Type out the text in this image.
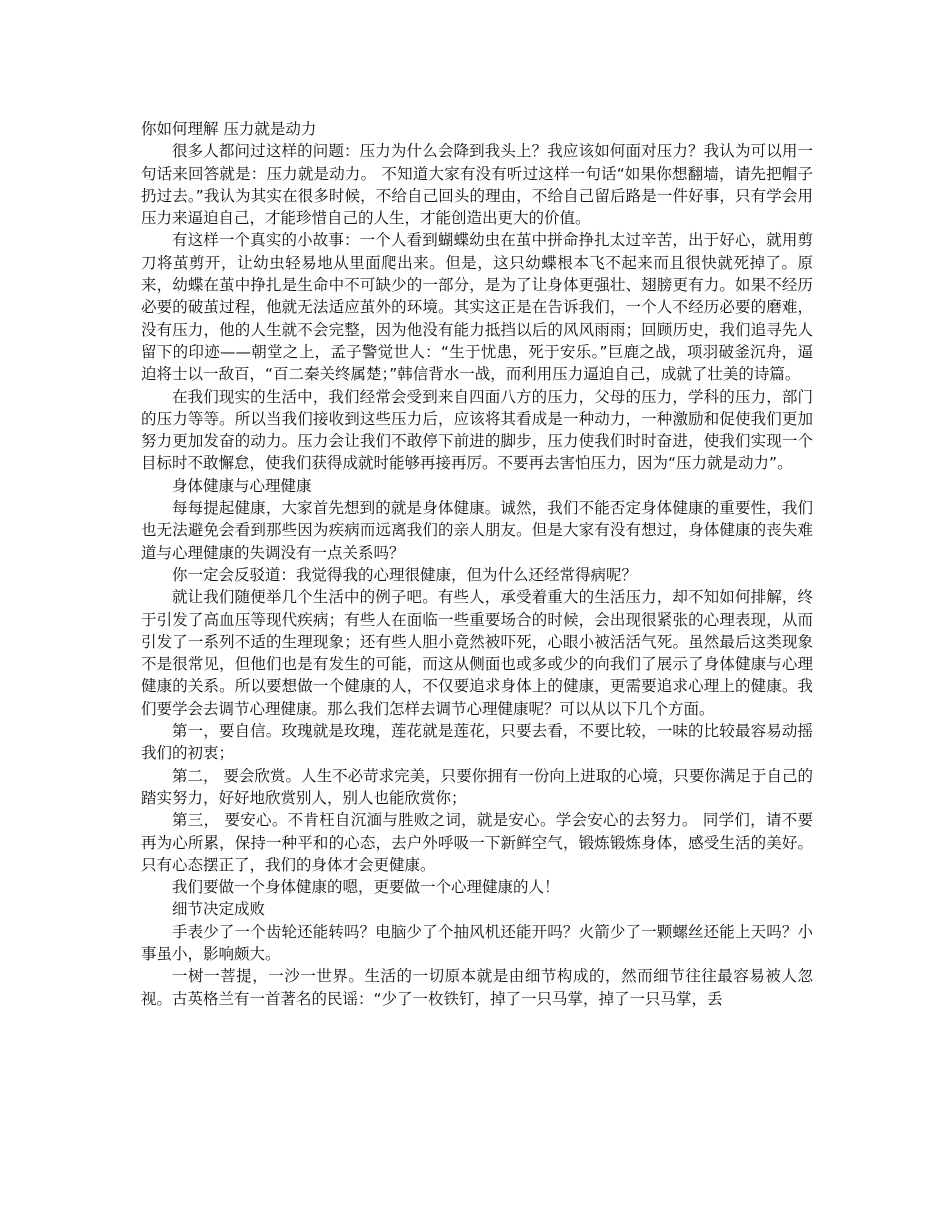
你如何理解 压力就是动力

很多人都问过这样的问题：压力为什么会降到我头上？我应该如何面对压力？我认为可以用一句话来回答就是：压力就是动力。 不知道大家有没有听过这样一句话“如果你想翻墙，请先把帽子扔过去。”我认为其实在很多时候，不给自己回头的理由，不给自己留后路是一件好事，只有学会用压力来逼迫自己，才能珍惜自己的人生，才能创造出更大的价值。

有这样一个真实的小故事：一个人看到蝴蝶幼虫在茧中拼命挣扎太过辛苦，出于好心，就用剪刀将茧剪开，让幼虫轻易地从里面爬出来。但是，这只幼蝶根本飞不起来而且很快就死掉了。原来，幼蝶在茧中挣扎是生命中不可缺少的一部分，是为了让身体更强壮、翅膀更有力。如果不经历必要的破茧过程，他就无法适应茧外的环境。其实这正是在告诉我们，一个人不经历必要的磨难，没有压力，他的人生就不会完整，因为他没有能力抵挡以后的风风雨雨；回顾历史，我们追寻先人留下的印迹——朝堂之上，孟子警觉世人：“生于忧患，死于安乐。”巨鹿之战，项羽破釜沉舟，逼迫将士以一敌百，“百二秦关终属楚；”韩信背水一战，而利用压力逼迫自己，成就了壮美的诗篇。

在我们现实的生活中，我们经常会受到来自四面八方的压力，父母的压力，学科的压力，部门的压力等等。所以当我们接收到这些压力后，应该将其看成是一种动力，一种激励和促使我们更加努力更加发奋的动力。压力会让我们不敢停下前进的脚步，压力使我们时时奋进，使我们实现一个目标时不敢懈怠，使我们获得成就时能够再接再厉。不要再去害怕压力，因为“压力就是动力”。

身体健康与心理健康

每每提起健康，大家首先想到的就是身体健康。诚然，我们不能否定身体健康的重要性，我们也无法避免会看到那些因为疾病而远离我们的亲人朋友。但是大家有没有想过，身体健康的丧失难道与心理健康的失调没有一点关系吗？

你一定会反驳道：我觉得我的心理很健康，但为什么还经常得病呢？

就让我们随便举几个生活中的例子吧。有些人，承受着重大的生活压力，却不知如何排解，终于引发了高血压等现代疾病；有些人在面临一些重要场合的时候，会出现很紧张的心理表现，从而引发了一系列不适的生理现象；还有些人胆小竟然被吓死，心眼小被活活气死。虽然最后这类现象不是很常见，但他们也是有发生的可能，而这从侧面也或多或少的向我们了展示了身体健康与心理健康的关系。所以要想做一个健康的人，不仅要追求身体上的健康，更需要追求心理上的健康。我们要学会去调节心理健康。那么我们怎样去调节心理健康呢？可以从以下几个方面。

第一，要自信。玫瑰就是玫瑰，莲花就是莲花，只要去看，不要比较，一味的比较最容易动摇我们的初衷；

第二， 要会欣赏。人生不必苛求完美，只要你拥有一份向上进取的心境，只要你满足于自己的踏实努力，好好地欣赏别人，别人也能欣赏你；

第三， 要安心。不肯枉自沉湎与胜败之词，就是安心。学会安心的去努力。 同学们，请不要再为心所累，保持一种平和的心态，去户外呼吸一下新鲜空气，锻炼锻炼身体，感受生活的美好。只有心态摆正了，我们的身体才会更健康。

我们要做一个身体健康的嗯，更要做一个心理健康的人！

细节决定成败

手表少了一个齿轮还能转吗？电脑少了个抽风机还能开吗？火箭少了一颗螺丝还能上天吗？小事虽小，影响颇大。

一树一菩提，一沙一世界。生活的一切原本就是由细节构成的，然而细节往往最容易被人忽视。古英格兰有一首著名的民谣：“少了一枚铁钉，掉了一只马掌，掉了一只马掌，丢
